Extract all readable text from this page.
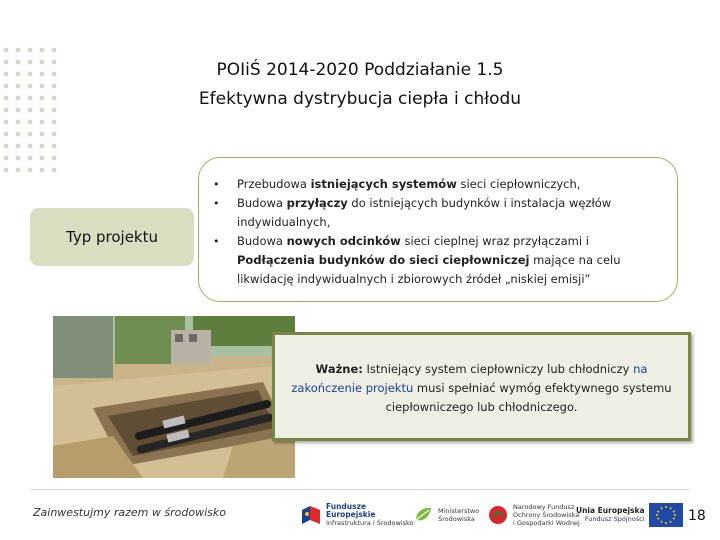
POIiŚ 2014-2020 Poddziałanie 1.5
Efektywna dystrybucja ciepła i chłodu
Typ projektu
• Przebudowa istniejących systemów sieci ciepłowniczych,
• Budowa przyłączy do istniejących budynków i instalacja węzłów indywidualnych,
• Budowa nowych odcinków sieci cieplnej wraz przyłączami i Podłączenia budynków do sieci ciepłowniczej mające na celu likwidację indywidualnych i zbiorowych źródeł „niskiej emisji”
Ważne: Istniejący system ciepłowniczy lub chłodniczy na zakończenie projektu musi spełniać wymóg efektywnego systemu ciepłowniczego lub chłodniczego.
Zainwestujmy razem w środowisko	Fundusze
Europejskie
Infrastruktura i Środowisko
Ministerstwo
Środowiska
Narodowy Fundusz
Ochrony Środowiska
i Gospodarki Wodnej
Unia Europejska
Fundusz Spójności	18
